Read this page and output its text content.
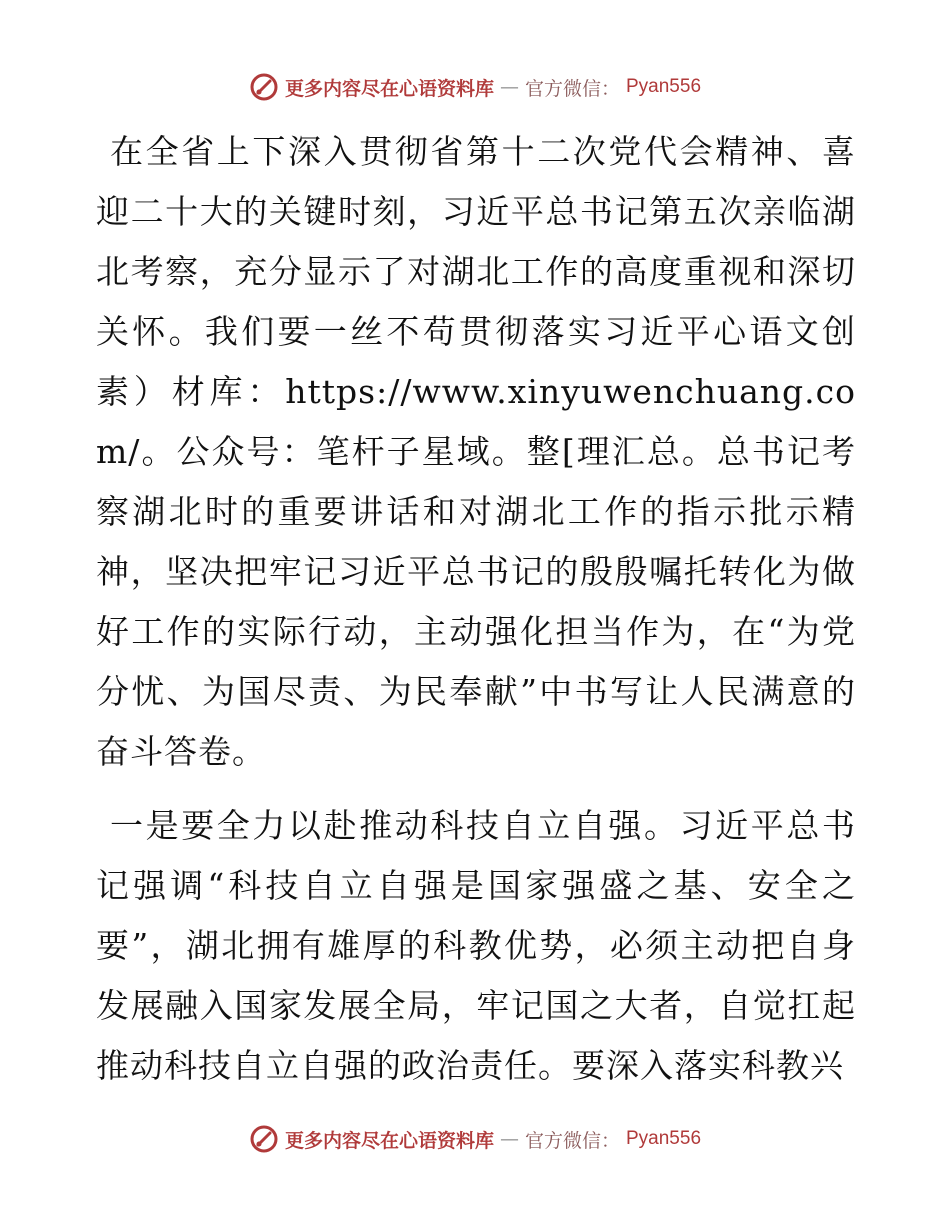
更多内容尽在心语资料库 — 官方微信： Pyan556

在全省上下深入贯彻省第十二次党代会精神、喜迎二十大的关键时刻，习近平总书记第五次亲临湖北考察，充分显示了对湖北工作的高度重视和深切关怀。我们要一丝不苟贯彻落实习近平心语文创素）材库：https://www.xinyuwenchuang.com/。公众号：笔杆子星域。整[理汇总。总书记考察湖北时的重要讲话和对湖北工作的指示批示精神，坚决把牢记习近平总书记的殷殷嘱托转化为做好工作的实际行动，主动强化担当作为，在“为党分忧、为国尽责、为民奉献”中书写让人民满意的奋斗答卷。

一是要全力以赴推动科技自立自强。习近平总书记强调“科技自立自强是国家强盛之基、安全之要”，湖北拥有雄厚的科教优势，必须主动把自身发展融入国家发展全局，牢记国之大者，自觉扛起推动科技自立自强的政治责任。要深入落实科教兴

更多内容尽在心语资料库 — 官方微信： Pyan556
